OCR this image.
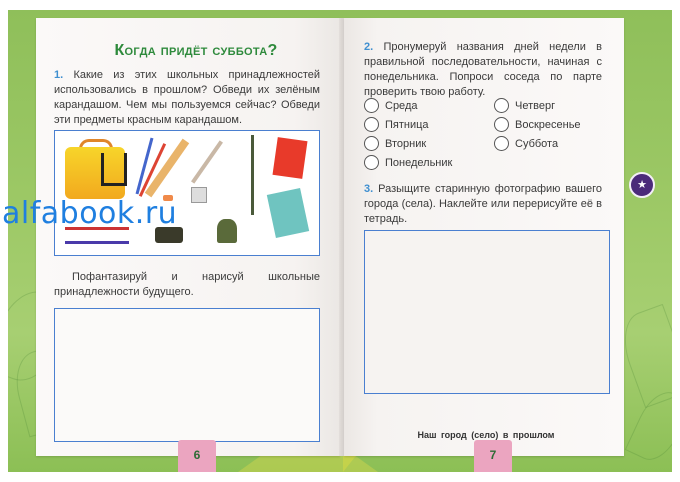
Когда придёт суббота?
1. Какие из этих школьных принадлежностей использовались в прошлом? Обведи их зелёным карандашом. Чем мы пользуемся сейчас? Обведи эти предметы красным карандашом.
Пофантазируй и нарисуй школьные принадлежности будущего.
2. Пронумеруй названия дней недели в правильной последовательности, начиная с понедельника. Попроси соседа по парте проверить твою работу.
Среда
Пятница
Вторник
Понедельник
Четверг
Воскресенье
Суббота
3. Разыщите старинную фотографию вашего города (села). Наклейте или перерисуйте её в тетрадь.
Наш город (село) в прошлом
6	7
★
alfabook.ru
